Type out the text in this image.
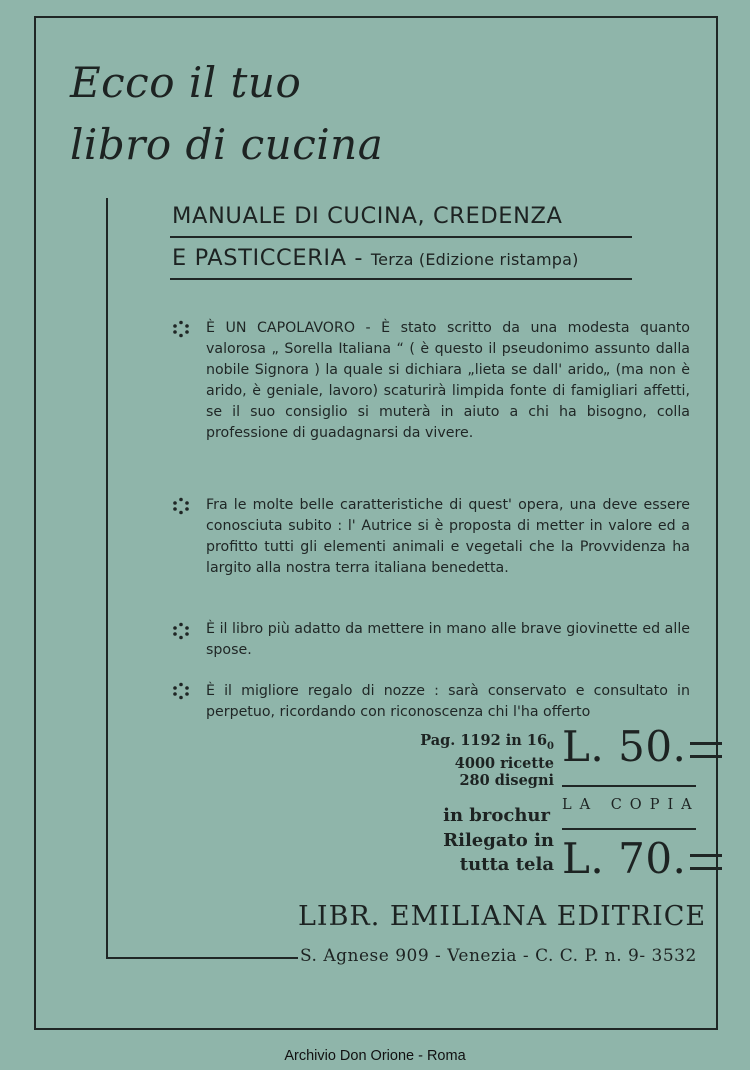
Ecco il tuo
libro di cucina
MANUALE DI CUCINA, CREDENZA
E PASTICCERIA - Terza (Edizione ristampa)
È UN CAPOLAVORO - È stato scritto da una modesta quanto valorosa „ Sorella Italiana “ ( è questo il pseudonimo assunto dalla nobile Signora ) la quale si dichiara „lieta se dall' arido„ (ma non è arido, è geniale, lavoro) scaturirà limpida fonte di famigliari affetti, se il suo consiglio si muterà in aiuto a chi ha bisogno, colla professione di guadagnarsi da vivere.
Fra le molte belle caratteristiche di quest' opera, una deve essere conosciuta subito : l' Autrice si è proposta di metter in valore ed a profitto tutti gli elementi animali e vegetali che la Provvidenza ha largito alla nostra terra italiana benedetta.
È il libro più adatto da mettere in mano alle brave giovinette ed alle spose.
È il migliore regalo di nozze : sarà conservato e consultato in perpetuo, ricordando con riconoscenza chi l'ha offerto
Pag. 1192 in $16_0$
4000 ricette
280 disegni
L. 50.
LA COPIA
in brochur
Rilegato in
tutta tela L. 70.
LIBR. EMILIANA EDITRICE
S. Agnese 909 - Venezia - C. C. P. n. 9- 3532
Archivio Don Orione - Roma
